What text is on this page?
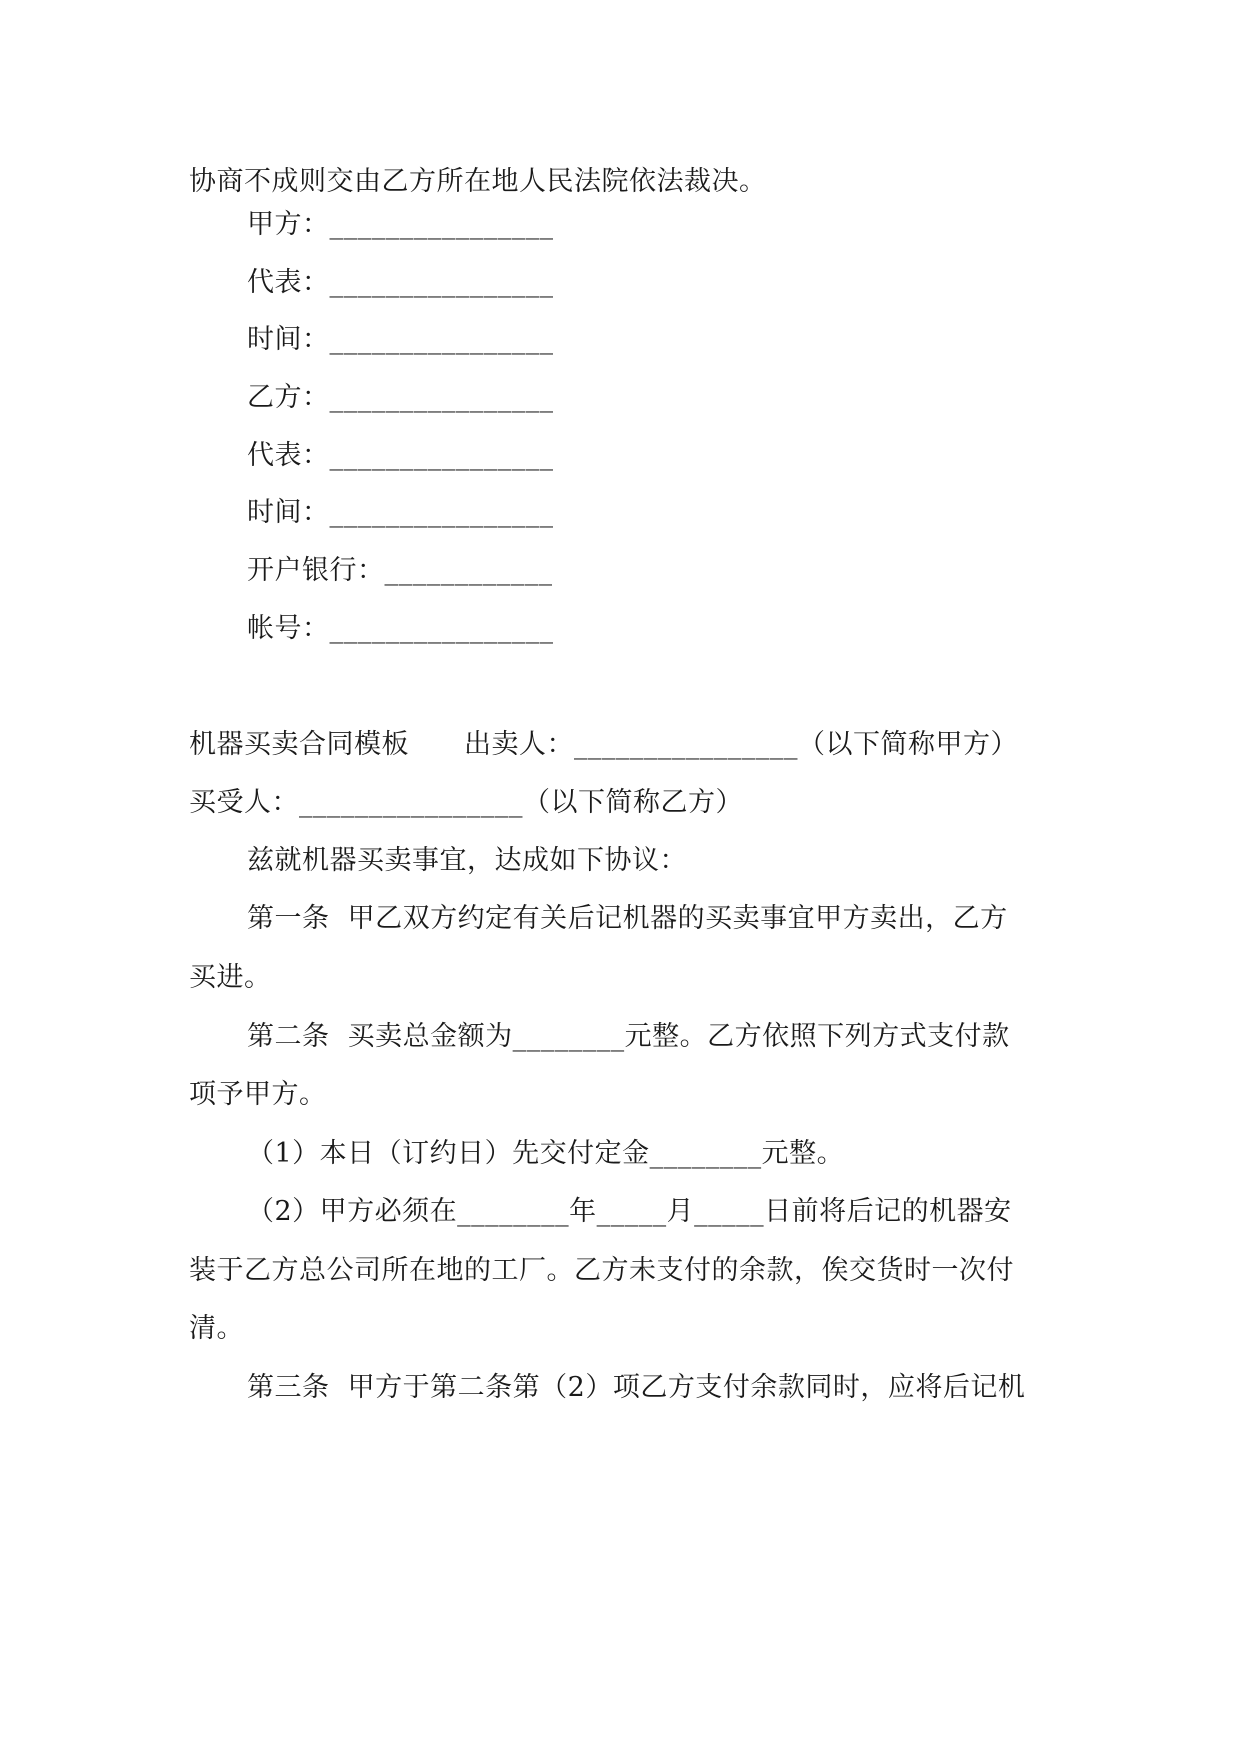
协商不成则交由乙方所在地人民法院依法裁决。
甲方：________________
代表：________________
时间：________________
乙方：________________
代表：________________
时间：________________
开户银行：____________
帐号：________________
机器买卖合同模板　　出卖人：________________（以下简称甲方）
买受人：________________（以下简称乙方）
兹就机器买卖事宜，达成如下协议：
第一条  甲乙双方约定有关后记机器的买卖事宜甲方卖出，乙方
买进。
第二条  买卖总金额为________元整。乙方依照下列方式支付款
项予甲方。
（1）本日（订约日）先交付定金________元整。
（2）甲方必须在________年_____月_____日前将后记的机器安
装于乙方总公司所在地的工厂。乙方未支付的余款，俟交货时一次付
清。
第三条  甲方于第二条第（2）项乙方支付余款同时，应将后记机
